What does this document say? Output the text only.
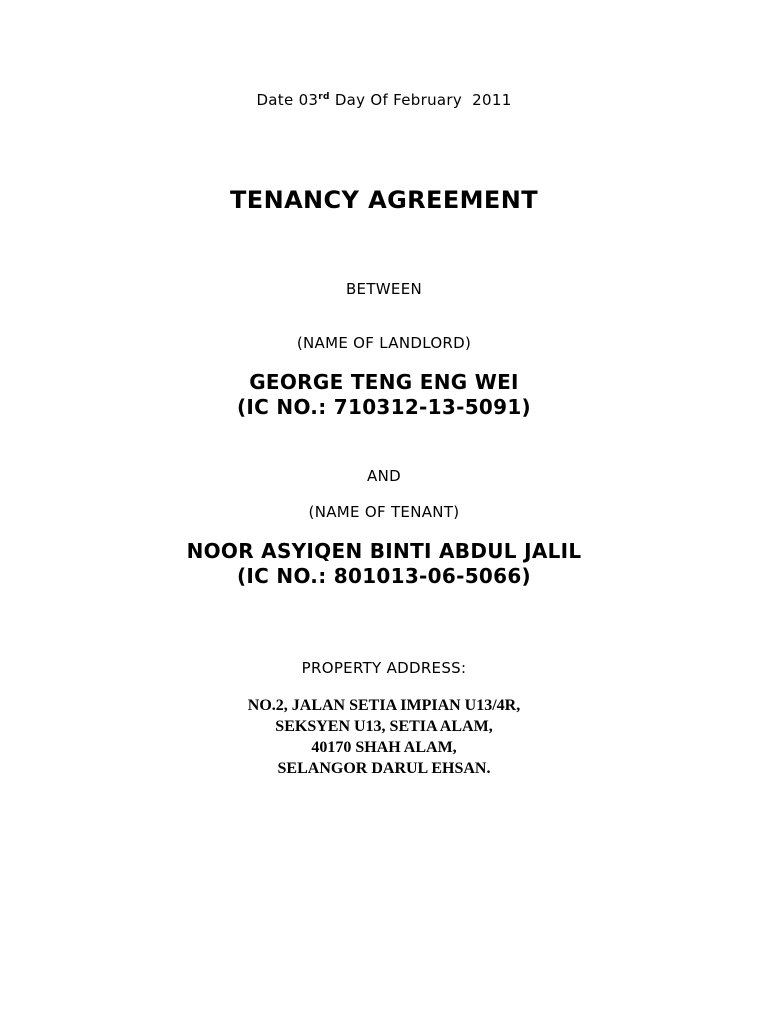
Date 03rd Day Of February  2011
TENANCY AGREEMENT
BETWEEN
(NAME OF LANDLORD)
GEORGE TENG ENG WEI
(IC NO.: 710312-13-5091)
AND
(NAME OF TENANT)
NOOR ASYIQEN BINTI ABDUL JALIL
(IC NO.: 801013-06-5066)
PROPERTY ADDRESS:
NO.2, JALAN SETIA IMPIAN U13/4R,
SEKSYEN U13, SETIA ALAM,
40170 SHAH ALAM,
SELANGOR DARUL EHSAN.
